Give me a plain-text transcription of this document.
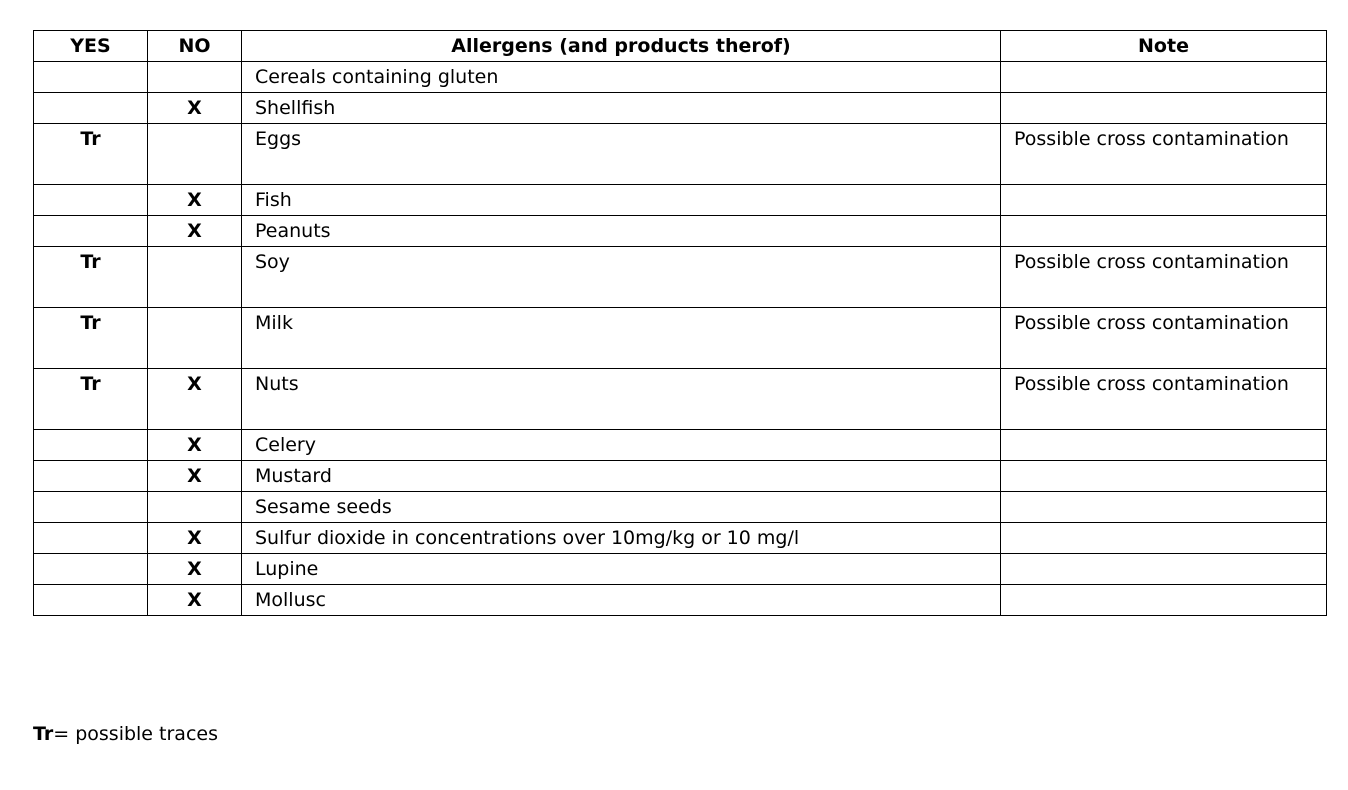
YES	NO	Allergens (and products therof)	Note
		Cereals containing gluten	
	X	Shellfish	
Tr		Eggs	Possible cross contamination
	X	Fish	
	X	Peanuts	
Tr		Soy	Possible cross contamination
Tr		Milk	Possible cross contamination
Tr	X	Nuts	Possible cross contamination
	X	Celery	
	X	Mustard	
		Sesame seeds	
	X	Sulfur dioxide in concentrations over 10mg/kg or 10 mg/l	
	X	Lupine	
	X	Mollusc	
Tr= possible traces
